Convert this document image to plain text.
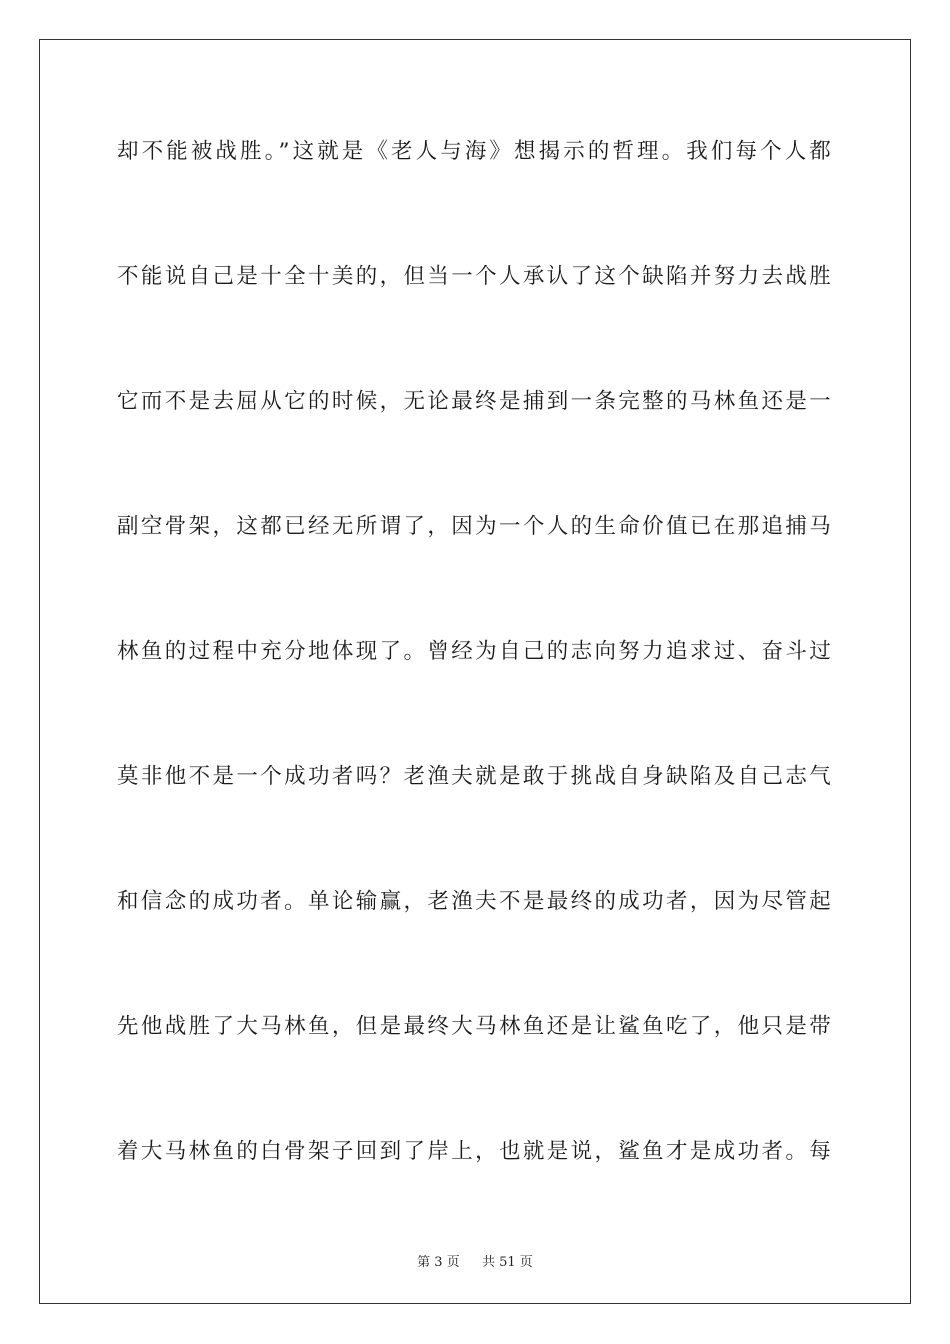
却不能被战胜。”这就是《老人与海》想揭示的哲理。我们每个人都
不能说自己是十全十美的，但当一个人承认了这个缺陷并努力去战胜
它而不是去屈从它的时候，无论最终是捕到一条完整的马林鱼还是一
副空骨架，这都已经无所谓了，因为一个人的生命价值已在那追捕马
林鱼的过程中充分地体现了。曾经为自己的志向努力追求过、奋斗过
莫非他不是一个成功者吗？老渔夫就是敢于挑战自身缺陷及自己志气
和信念的成功者。单论输赢，老渔夫不是最终的成功者，因为尽管起
先他战胜了大马林鱼，但是最终大马林鱼还是让鲨鱼吃了，他只是带
着大马林鱼的白骨架子回到了岸上，也就是说，鲨鱼才是成功者。每
第 3 页 共 51 页
